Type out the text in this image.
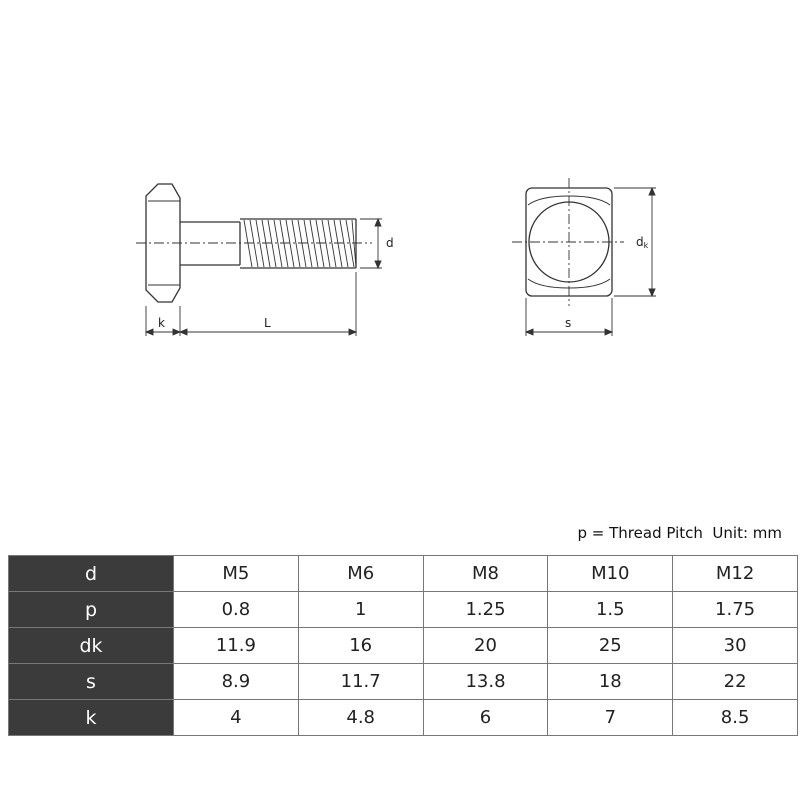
d
k	L
dk
s
p = Thread Pitch  Unit: mm
d	M5	M6	M8	M10	M12
p	0.8	1	1.25	1.5	1.75
dk	11.9	16	20	25	30
s	8.9	11.7	13.8	18	22
k	4	4.8	6	7	8.5
